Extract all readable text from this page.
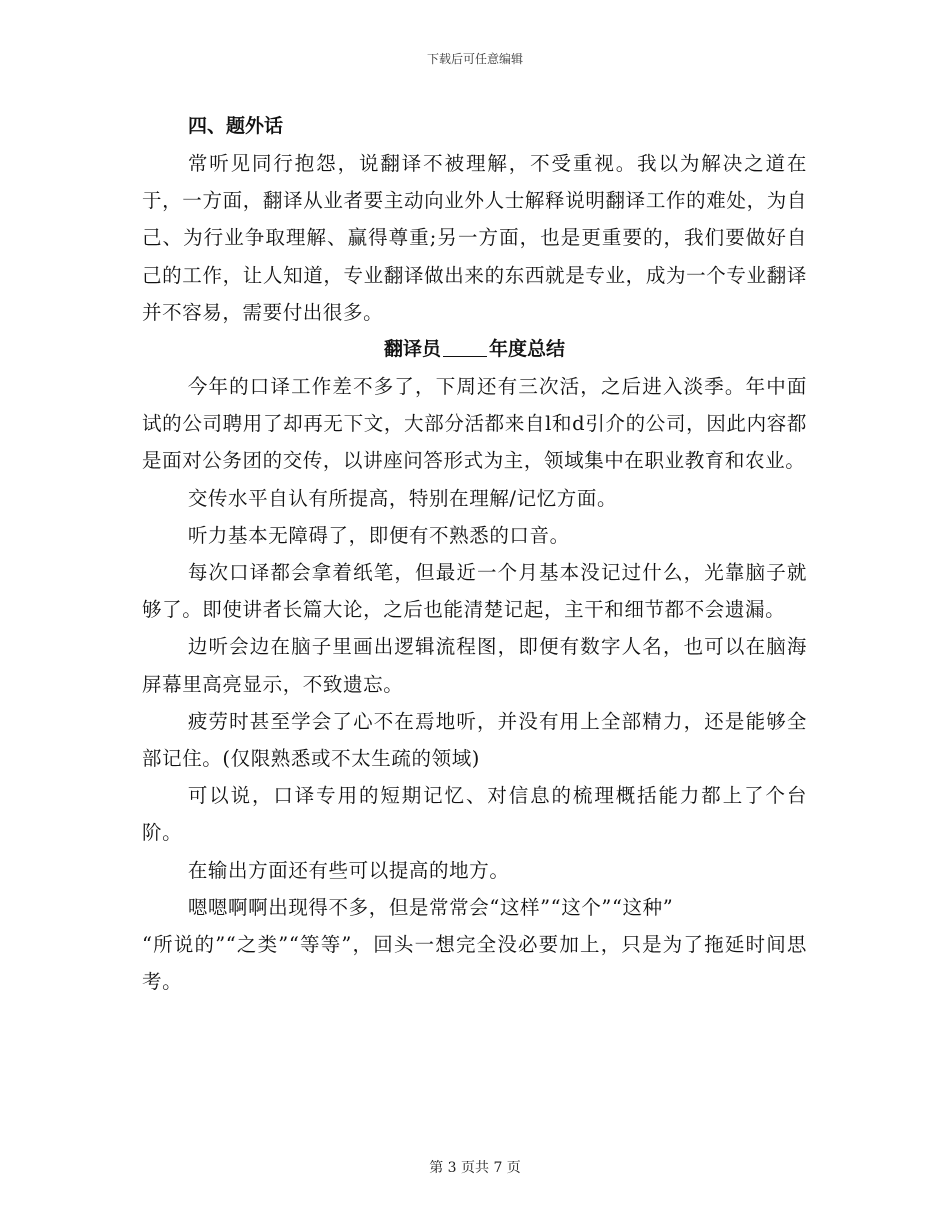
下载后可任意编辑

四、题外话

常听见同行抱怨，说翻译不被理解，不受重视。我以为解决之道在于，一方面，翻译从业者要主动向业外人士解释说明翻译工作的难处，为自己、为行业争取理解、赢得尊重;另一方面，也是更重要的，我们要做好自己的工作，让人知道，专业翻译做出来的东西就是专业，成为一个专业翻译并不容易，需要付出很多。

翻译员	年度总结

今年的口译工作差不多了，下周还有三次活，之后进入淡季。年中面试的公司聘用了却再无下文，大部分活都来自l和d引介的公司，因此内容都是面对公务团的交传，以讲座问答形式为主，领域集中在职业教育和农业。

交传水平自认有所提高，特别在理解/记忆方面。

听力基本无障碍了，即便有不熟悉的口音。

每次口译都会拿着纸笔，但最近一个月基本没记过什么，光靠脑子就够了。即使讲者长篇大论，之后也能清楚记起，主干和细节都不会遗漏。

边听会边在脑子里画出逻辑流程图，即便有数字人名，也可以在脑海屏幕里高亮显示，不致遗忘。

疲劳时甚至学会了心不在焉地听，并没有用上全部精力，还是能够全部记住。(仅限熟悉或不太生疏的领域)

可以说，口译专用的短期记忆、对信息的梳理概括能力都上了个台阶。

在输出方面还有些可以提高的地方。

嗯嗯啊啊出现得不多，但是常常会“这样”“这个”“这种”

“所说的”“之类”“等等”，回头一想完全没必要加上，只是为了拖延时间思考。

第 3 页共 7 页
